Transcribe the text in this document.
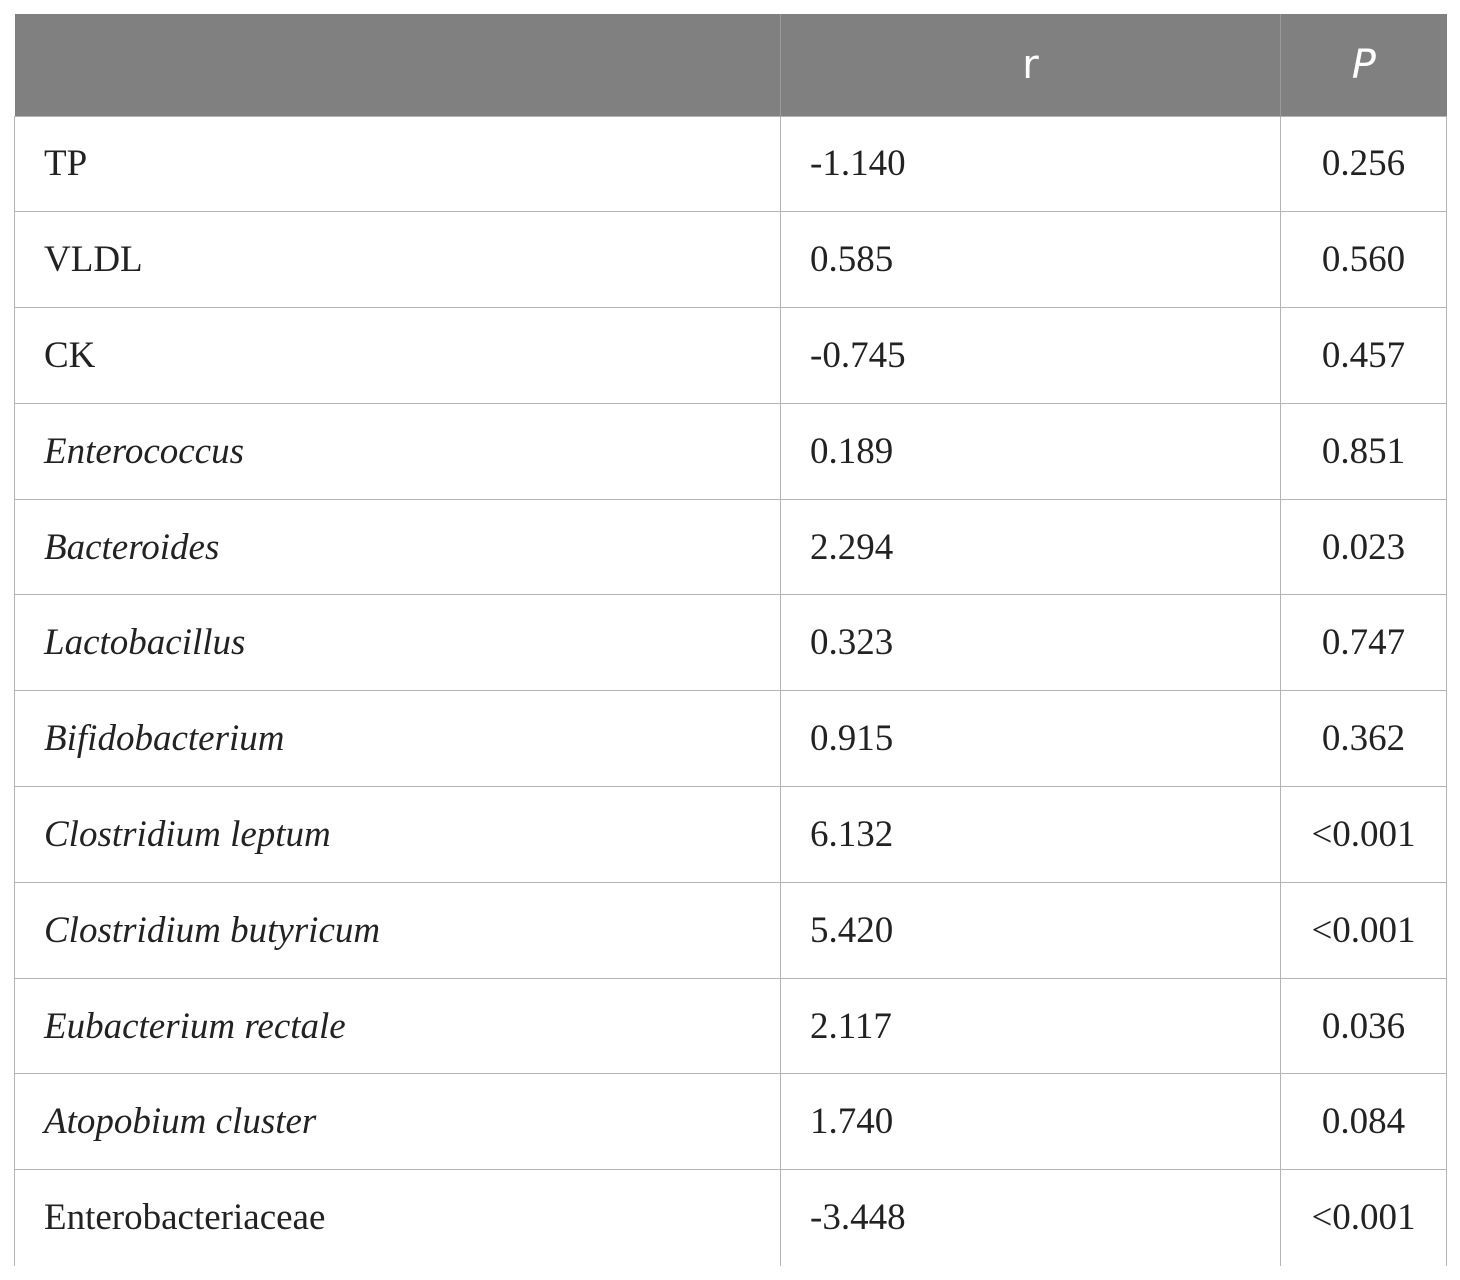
	r	P
TP	-1.140	0.256
VLDL	0.585	0.560
CK	-0.745	0.457
Enterococcus	0.189	0.851
Bacteroides	2.294	0.023
Lactobacillus	0.323	0.747
Bifidobacterium	0.915	0.362
Clostridium leptum	6.132	<0.001
Clostridium butyricum	5.420	<0.001
Eubacterium rectale	2.117	0.036
Atopobium cluster	1.740	0.084
Enterobacteriaceae	-3.448	<0.001
